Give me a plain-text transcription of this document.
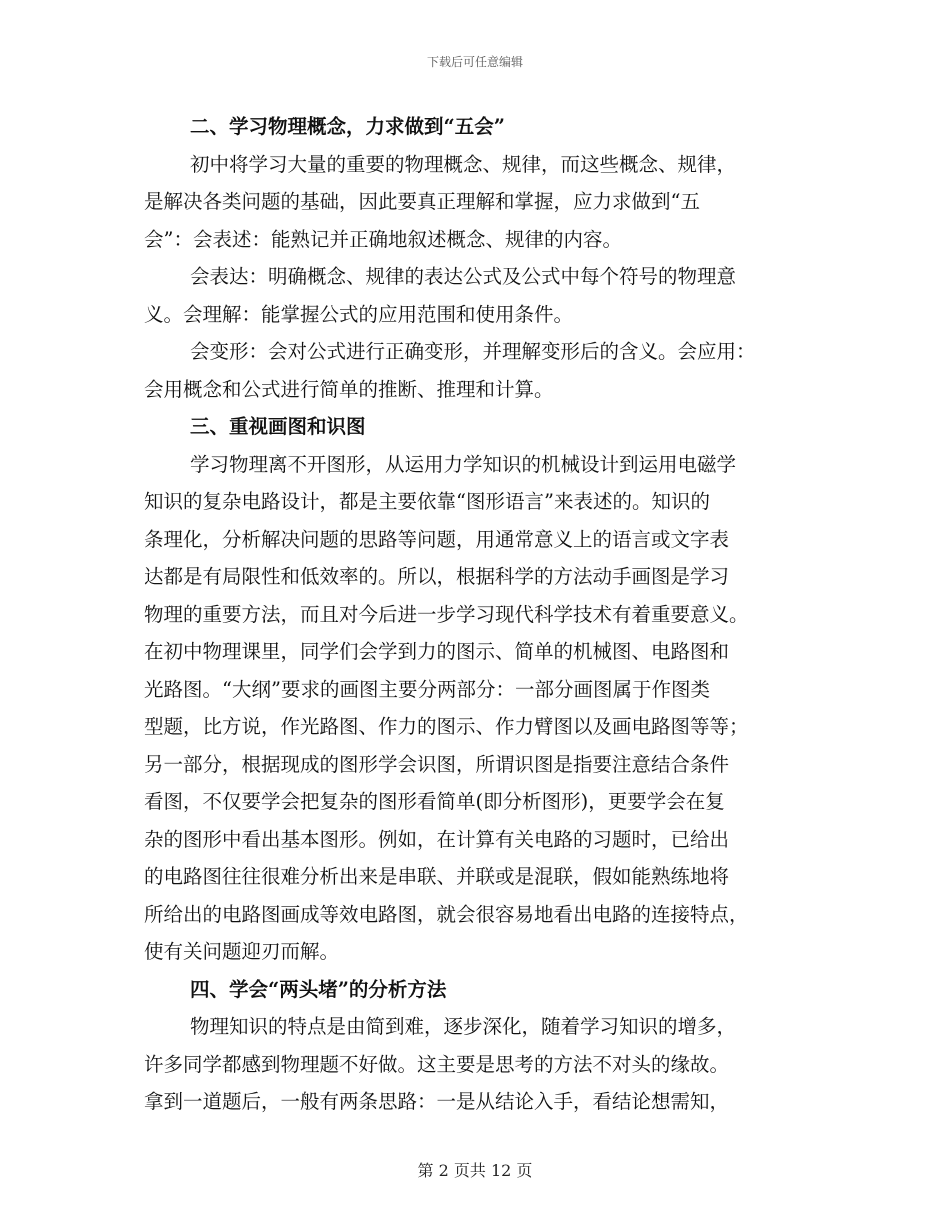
下载后可任意编辑
二、学习物理概念，力求做到“五会”
初中将学习大量的重要的物理概念、规律，而这些概念、规律，
是解决各类问题的基础，因此要真正理解和掌握，应力求做到“五
会”：会表述：能熟记并正确地叙述概念、规律的内容。
会表达：明确概念、规律的表达公式及公式中每个符号的物理意
义。会理解：能掌握公式的应用范围和使用条件。
会变形：会对公式进行正确变形，并理解变形后的含义。会应用：
会用概念和公式进行简单的推断、推理和计算。
三、重视画图和识图
学习物理离不开图形，从运用力学知识的机械设计到运用电磁学
知识的复杂电路设计，都是主要依靠“图形语言”来表述的。知识的
条理化，分析解决问题的思路等问题，用通常意义上的语言或文字表
达都是有局限性和低效率的。所以，根据科学的方法动手画图是学习
物理的重要方法，而且对今后进一步学习现代科学技术有着重要意义。
在初中物理课里，同学们会学到力的图示、简单的机械图、电路图和
光路图。“大纲”要求的画图主要分两部分：一部分画图属于作图类
型题，比方说，作光路图、作力的图示、作力臂图以及画电路图等等；
另一部分，根据现成的图形学会识图，所谓识图是指要注意结合条件
看图，不仅要学会把复杂的图形看简单(即分析图形)，更要学会在复
杂的图形中看出基本图形。例如，在计算有关电路的习题时，已给出
的电路图往往很难分析出来是串联、并联或是混联，假如能熟练地将
所给出的电路图画成等效电路图，就会很容易地看出电路的连接特点，
使有关问题迎刃而解。
四、学会“两头堵”的分析方法
物理知识的特点是由简到难，逐步深化，随着学习知识的增多，
许多同学都感到物理题不好做。这主要是思考的方法不对头的缘故。
拿到一道题后，一般有两条思路：一是从结论入手，看结论想需知，
第 2 页共 12 页
